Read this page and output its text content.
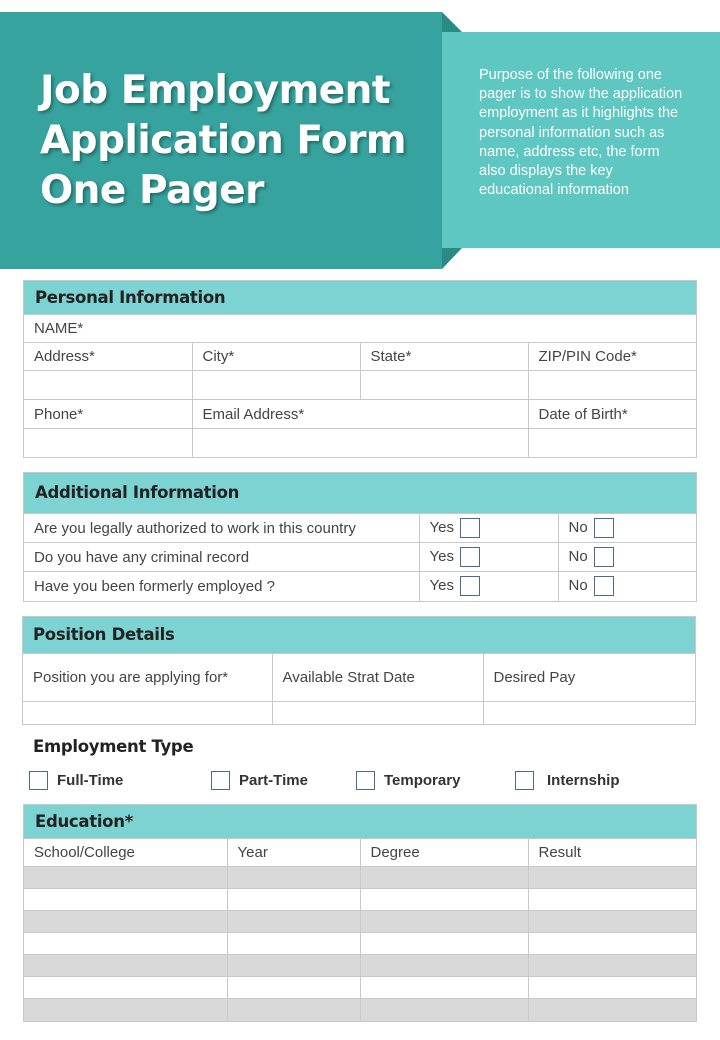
Job Employment
Application Form
One Pager
Purpose of the following one pager is to show the application employment as it highlights the personal information such as name, address etc, the form also displays the key educational information
Personal Information
NAME*			
Address*	City*	State*	ZIP/PIN Code*

Phone*	Email Address*		Date of Birth*

Additional Information
Are you legally authorized to work in this country	Yes	No
Do you have any criminal record	Yes	No
Have you been formerly employed ?	Yes	No
Position Details
Position you are applying for*	Available Strat Date	Desired Pay

Employment Type
Full-Time	Part-Time	Temporary	Internship
Education*
School/College	Year	Degree	Result
